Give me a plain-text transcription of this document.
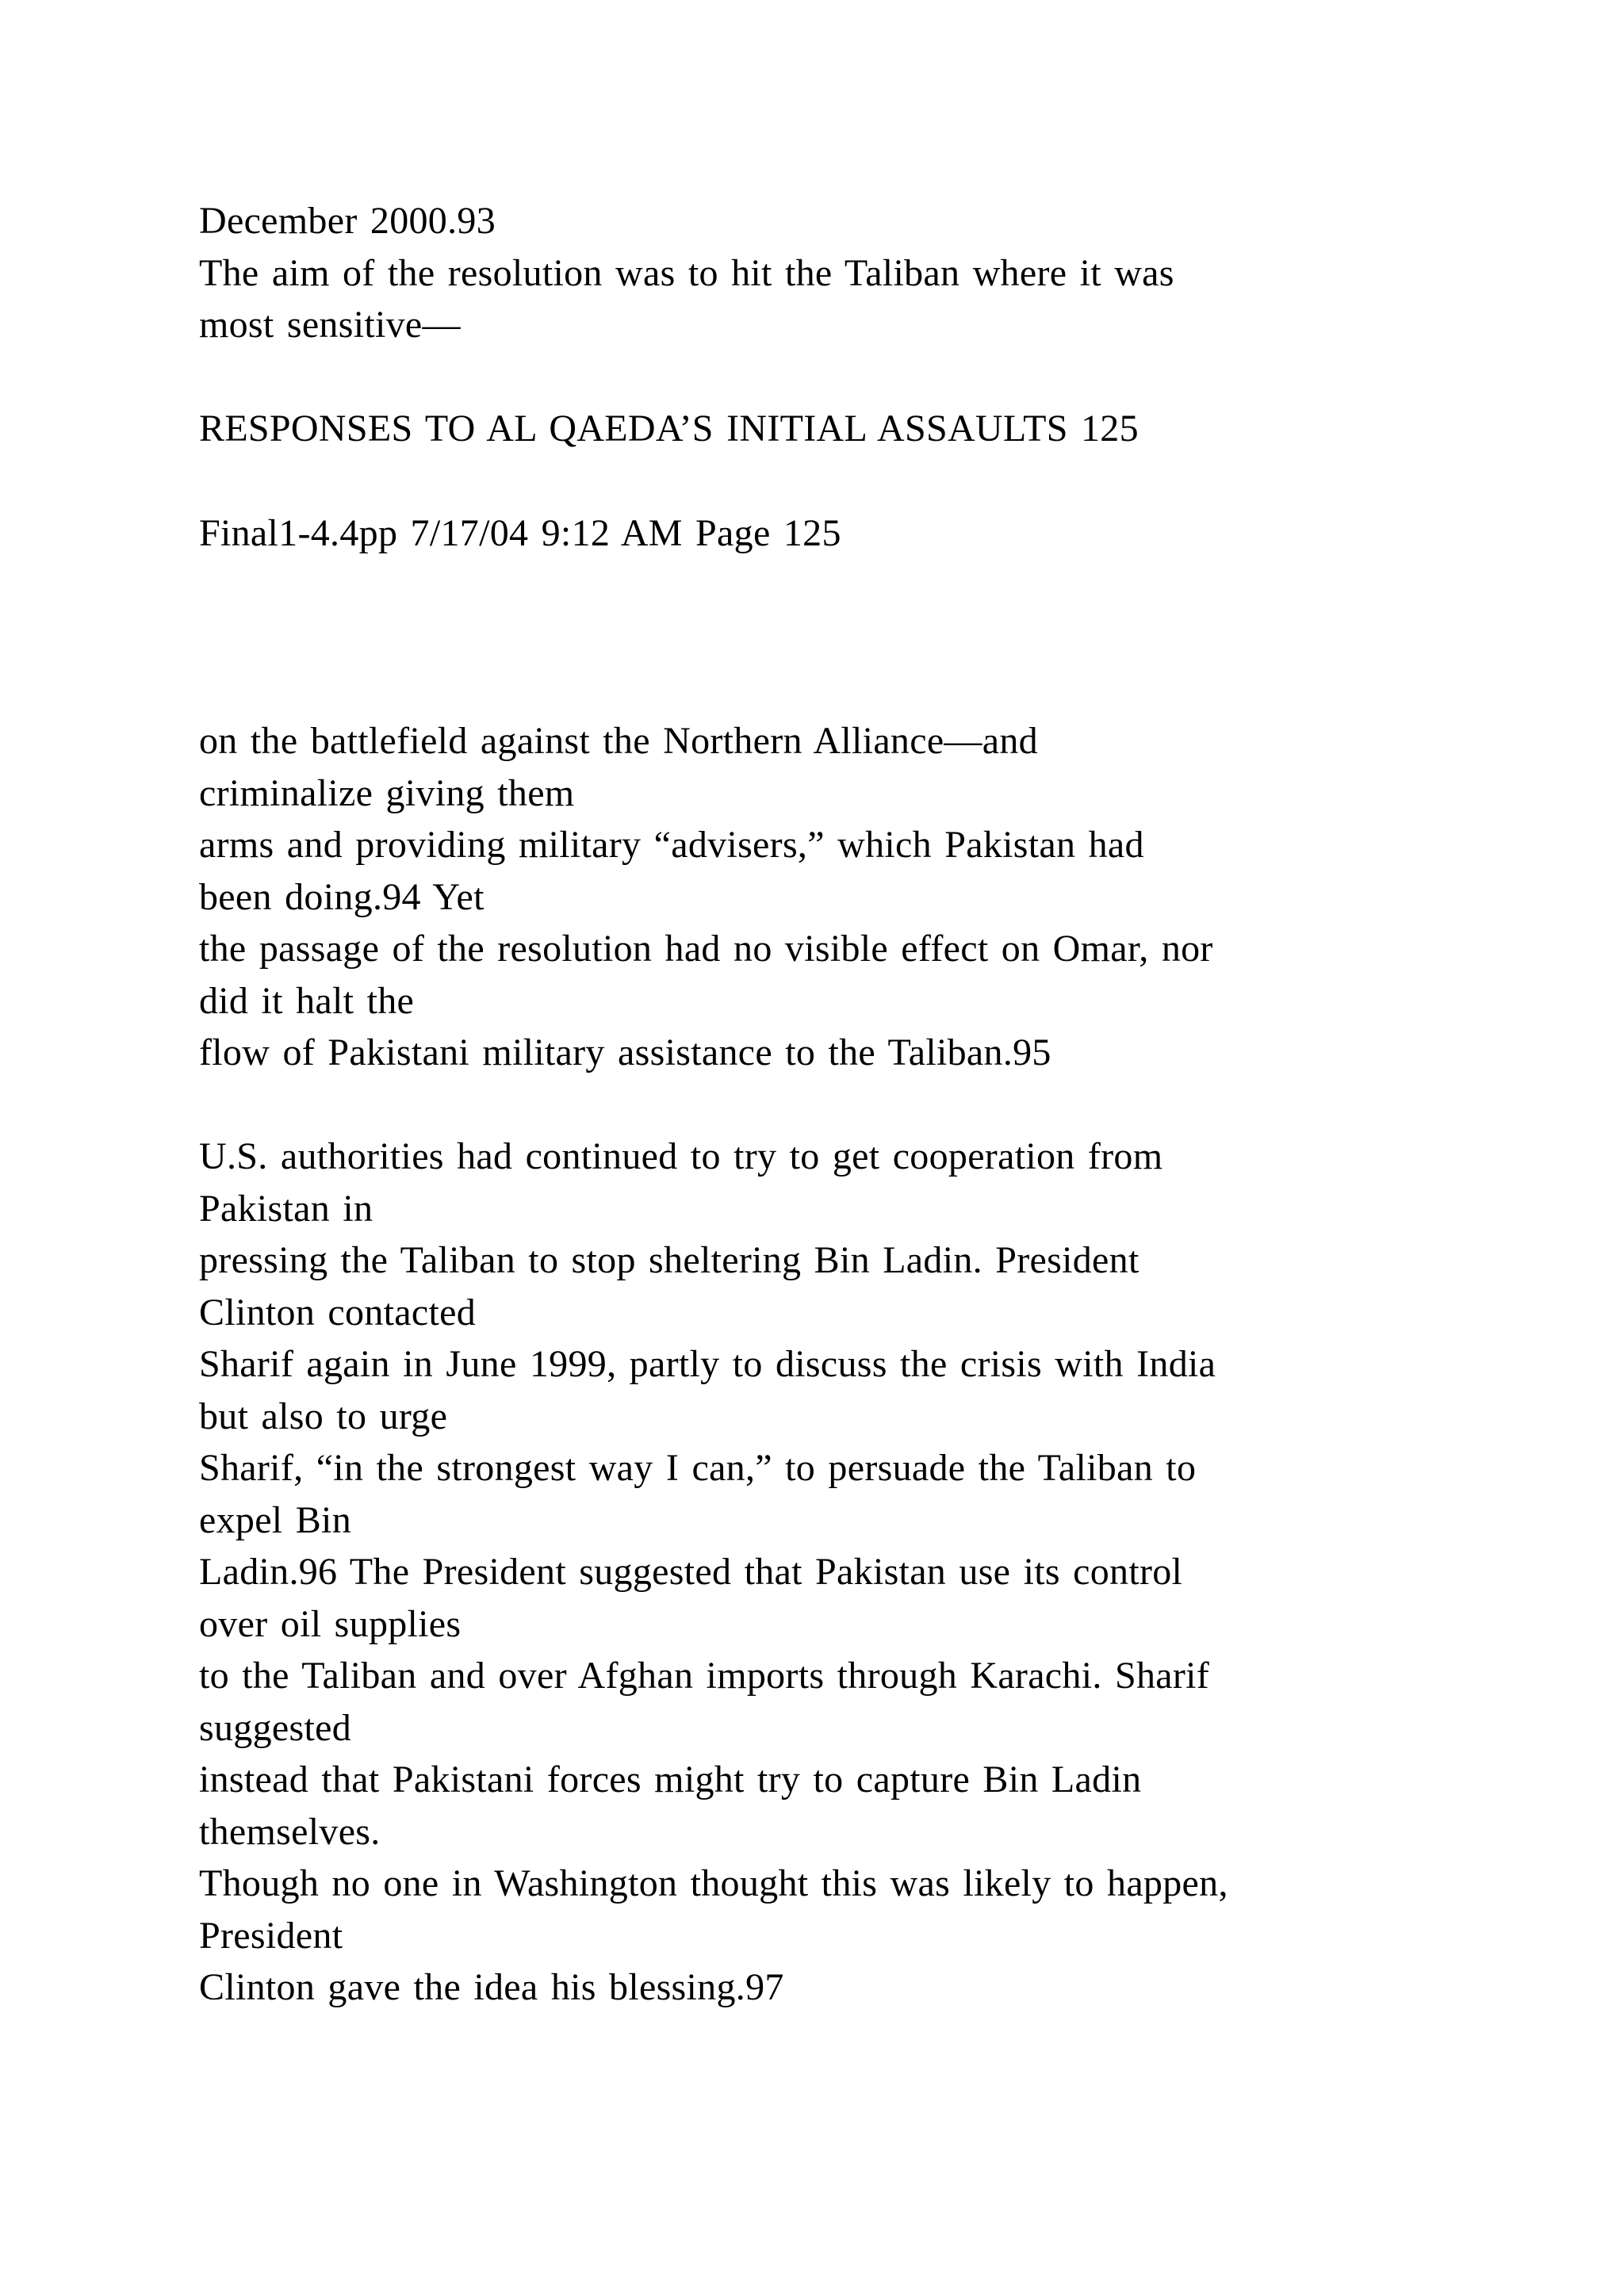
December 2000.93
The aim of the resolution was to hit the Taliban where it was
most sensitive—
RESPONSES TO AL QAEDA’S INITIAL ASSAULTS 125
Final1-4.4pp 7/17/04 9:12 AM Page 125
on the battlefield against the Northern Alliance—and
criminalize giving them
arms and providing military “advisers,” which Pakistan had
been doing.94 Yet
the passage of the resolution had no visible effect on Omar, nor
did it halt the
flow of Pakistani military assistance to the Taliban.95
U.S. authorities had continued to try to get cooperation from
Pakistan in
pressing the Taliban to stop sheltering Bin Ladin. President
Clinton contacted
Sharif again in June 1999, partly to discuss the crisis with India
but also to urge
Sharif, “in the strongest way I can,” to persuade the Taliban to
expel Bin
Ladin.96 The President suggested that Pakistan use its control
over oil supplies
to the Taliban and over Afghan imports through Karachi. Sharif
suggested
instead that Pakistani forces might try to capture Bin Ladin
themselves.
Though no one in Washington thought this was likely to happen,
President
Clinton gave the idea his blessing.97
